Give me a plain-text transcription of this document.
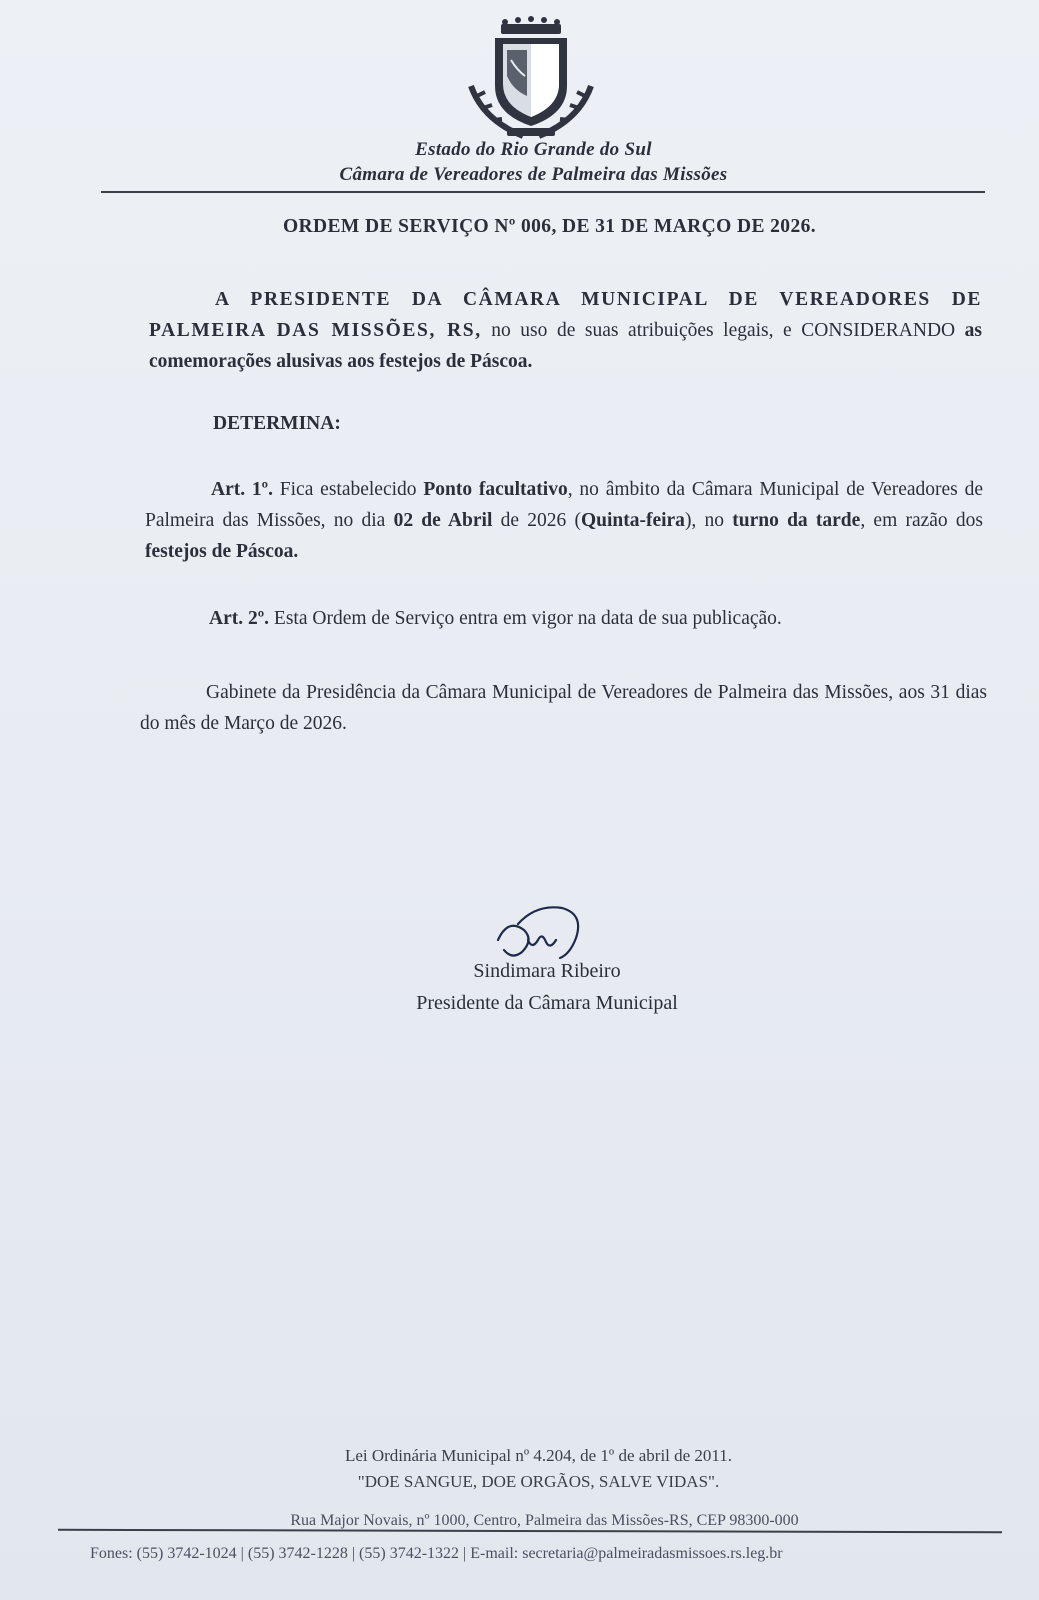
Estado do Rio Grande do Sul
Câmara de Vereadores de Palmeira das Missões
ORDEM DE SERVIÇO Nº 006, DE 31 DE MARÇO DE 2026.
A PRESIDENTE DA CÂMARA MUNICIPAL DE VEREADORES DE PALMEIRA DAS MISSÕES, RS, no uso de suas atribuições legais, e CONSIDERANDO as comemorações alusivas aos festejos de Páscoa.
DETERMINA:
Art. 1º. Fica estabelecido Ponto facultativo, no âmbito da Câmara Municipal de Vereadores de Palmeira das Missões, no dia 02 de Abril de 2026 (Quinta-feira), no turno da tarde, em razão dos festejos de Páscoa.
Art. 2º. Esta Ordem de Serviço entra em vigor na data de sua publicação.
Gabinete da Presidência da Câmara Municipal de Vereadores de Palmeira das Missões, aos 31 dias do mês de Março de 2026.
Sindimara Ribeiro
Presidente da Câmara Municipal
Lei Ordinária Municipal nº 4.204, de 1º de abril de 2011.
"DOE SANGUE, DOE ORGÃOS, SALVE VIDAS".
Rua Major Novais, nº 1000, Centro, Palmeira das Missões-RS, CEP 98300-000
Fones: (55) 3742-1024 | (55) 3742-1228 | (55) 3742-1322 | E-mail: secretaria@palmeiradasmissoes.rs.leg.br
